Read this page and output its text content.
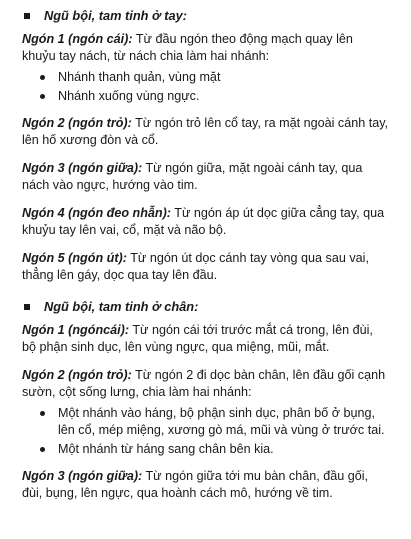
Ngũ bội, tam tinh ở tay:

Ngón 1 (ngón cái): Từ đầu ngón theo động mạch quay lên khuỷu tay nách, từ nách chia làm hai nhánh:

Nhánh thanh quản, vùng mặt
Nhánh xuống vùng ngực.

Ngón 2 (ngón trỏ): Từ ngón trỏ lên cổ tay, ra mặt ngoài cánh tay, lên hố xương đòn và cổ.

Ngón 3 (ngón giữa): Từ ngón giữa, mặt ngoài cánh tay, qua nách vào ngực, hướng vào tim.

Ngón 4 (ngón đeo nhẫn): Từ ngón áp út dọc giữa cẳng tay, qua khuỷu tay lên vai, cổ, mặt và não bộ.

Ngón 5 (ngón út): Từ ngón út dọc cánh tay vòng qua sau vai, thẳng lên gáy, dọc qua tay lên đầu.

Ngũ bội, tam tinh ở chân:

Ngón 1 (ngóncái): Từ ngón cái tới trước mắt cá trong, lên đùi, bộ phận sinh dục, lên vùng ngực, qua miệng, mũi, mắt.

Ngón 2 (ngón trỏ): Từ ngón 2 đi dọc bàn chân, lên đầu gối cạnh sườn, cột sống lưng, chia làm hai nhánh:

Một nhánh vào háng, bộ phận sinh dục, phân bố ở bụng, lên cổ, mép miệng, xương gò má, mũi và vùng ở trước tai.
Một nhánh từ háng sang chân bên kia.

Ngón 3 (ngón giữa): Từ ngón giữa tới mu bàn chân, đầu gối, đùi, bụng, lên ngực, qua hoành cách mô, hướng về tim.
